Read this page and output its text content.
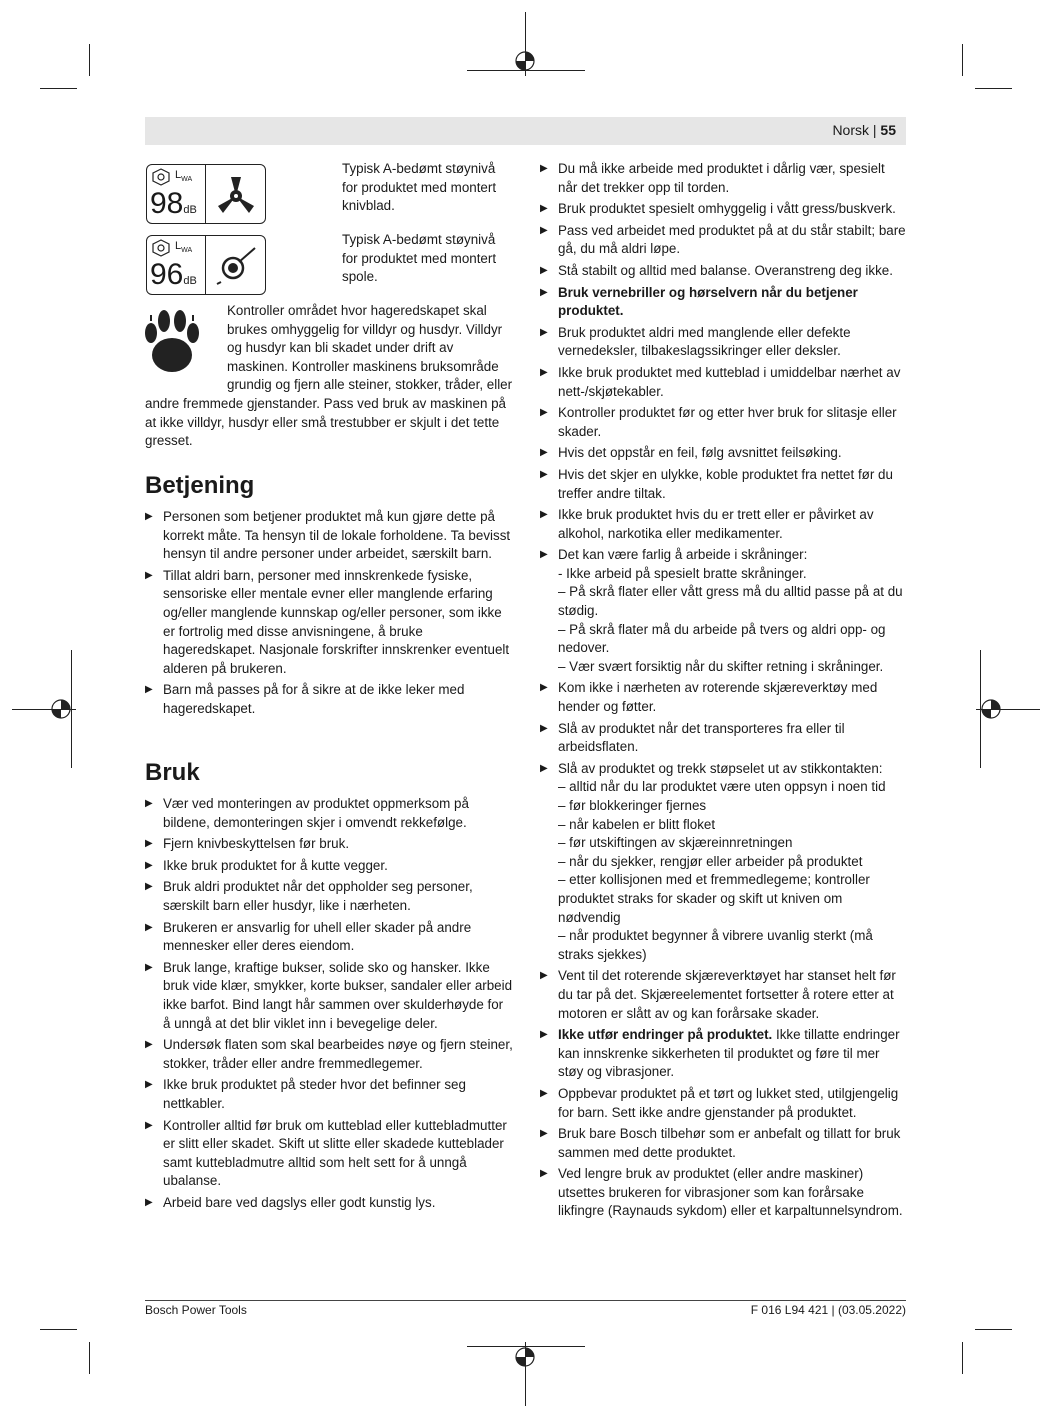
Norsk | 55
$L_{WA}$
98dB
Typisk A-bedømt støynivå for produktet med montert knivblad.
$L_{WA}$
96dB
Typisk A-bedømt støynivå for produktet med montert spole.
Kontroller området hvor hageredskapet skal brukes omhyggelig for villdyr og husdyr. Villdyr og husdyr kan bli skadet under drift av maskinen. Kontroller maskinens bruksområde grundig og fjern alle steiner, stokker, tråder, eller andre fremmede gjenstander. Pass ved bruk av maskinen på at ikke villdyr, husdyr eller små trestubber er skjult i det tette gresset.
Betjening
▶ Personen som betjener produktet må kun gjøre dette på korrekt måte. Ta hensyn til de lokale forholdene. Ta bevisst hensyn til andre personer under arbeidet, særskilt barn.
▶ Tillat aldri barn, personer med innskrenkede fysiske, sensoriske eller mentale evner eller manglende erfaring og/eller manglende kunnskap og/eller personer, som ikke er fortrolig med disse anvisningene, å bruke hageredskapet. Nasjonale forskrifter innskrenker eventuelt alderen på brukeren.
▶ Barn må passes på for å sikre at de ikke leker med hageredskapet.
Bruk
▶ Vær ved monteringen av produktet oppmerksom på bildene, demonteringen skjer i omvendt rekkefølge.
▶ Fjern knivbeskyttelsen før bruk.
▶ Ikke bruk produktet for å kutte vegger.
▶ Bruk aldri produktet når det oppholder seg personer, særskilt barn eller husdyr, like i nærheten.
▶ Brukeren er ansvarlig for uhell eller skader på andre mennesker eller deres eiendom.
▶ Bruk lange, kraftige bukser, solide sko og hansker. Ikke bruk vide klær, smykker, korte bukser, sandaler eller arbeid ikke barfot. Bind langt hår sammen over skulderhøyde for å unngå at det blir viklet inn i bevegelige deler.
▶ Undersøk flaten som skal bearbeides nøye og fjern steiner, stokker, tråder eller andre fremmedlegemer.
▶ Ikke bruk produktet på steder hvor det befinner seg nettkabler.
▶ Kontroller alltid før bruk om kutteblad eller kuttebladmutter er slitt eller skadet. Skift ut slitte eller skadede kutteblader samt kuttebladmutre alltid som helt sett for å unngå ubalanse.
▶ Arbeid bare ved dagslys eller godt kunstig lys.
▶ Du må ikke arbeide med produktet i dårlig vær, spesielt når det trekker opp til torden.
▶ Bruk produktet spesielt omhyggelig i vått gress/buskverk.
▶ Pass ved arbeidet med produktet på at du står stabilt; bare gå, du må aldri løpe.
▶ Stå stabilt og alltid med balanse. Overanstreng deg ikke.
▶ Bruk vernebriller og hørselvern når du betjener produktet.
▶ Bruk produktet aldri med manglende eller defekte vernedeksler, tilbakeslagssikringer eller deksler.
▶ Ikke bruk produktet med kutteblad i umiddelbar nærhet av nett-/skjøtekabler.
▶ Kontroller produktet før og etter hver bruk for slitasje eller skader.
▶ Hvis det oppstår en feil, følg avsnittet feilsøking.
▶ Hvis det skjer en ulykke, koble produktet fra nettet før du treffer andre tiltak.
▶ Ikke bruk produktet hvis du er trett eller er påvirket av alkohol, narkotika eller medikamenter.
▶ Det kan være farlig å arbeide i skråninger:
- Ikke arbeid på spesielt bratte skråninger.
– På skrå flater eller vått gress må du alltid passe på at du stødig.
– På skrå flater må du arbeide på tvers og aldri opp- og nedover.
– Vær svært forsiktig når du skifter retning i skråninger.
▶ Kom ikke i nærheten av roterende skjæreverktøy med hender og føtter.
▶ Slå av produktet når det transporteres fra eller til arbeidsflaten.
▶ Slå av produktet og trekk støpselet ut av stikkontakten:
– alltid når du lar produktet være uten oppsyn i noen tid
– før blokkeringer fjernes
– når kabelen er blitt floket
– før utskiftingen av skjæreinnretningen
– når du sjekker, rengjør eller arbeider på produktet
– etter kollisjonen med et fremmedlegeme; kontroller produktet straks for skader og skift ut kniven om nødvendig
– når produktet begynner å vibrere uvanlig sterkt (må straks sjekkes)
▶ Vent til det roterende skjæreverktøyet har stanset helt før du tar på det. Skjæreelementet fortsetter å rotere etter at motoren er slått av og kan forårsake skader.
▶ Ikke utfør endringer på produktet. Ikke tillatte endringer kan innskrenke sikkerheten til produktet og føre til mer støy og vibrasjoner.
▶ Oppbevar produktet på et tørt og lukket sted, utilgjengelig for barn. Sett ikke andre gjenstander på produktet.
▶ Bruk bare Bosch tilbehør som er anbefalt og tillatt for bruk sammen med dette produktet.
▶ Ved lengre bruk av produktet (eller andre maskiner) utsettes brukeren for vibrasjoner som kan forårsake likfingre (Raynauds sykdom) eller et karpaltunnelsyndrom.
Bosch Power Tools	F 016 L94 421 | (03.05.2022)
